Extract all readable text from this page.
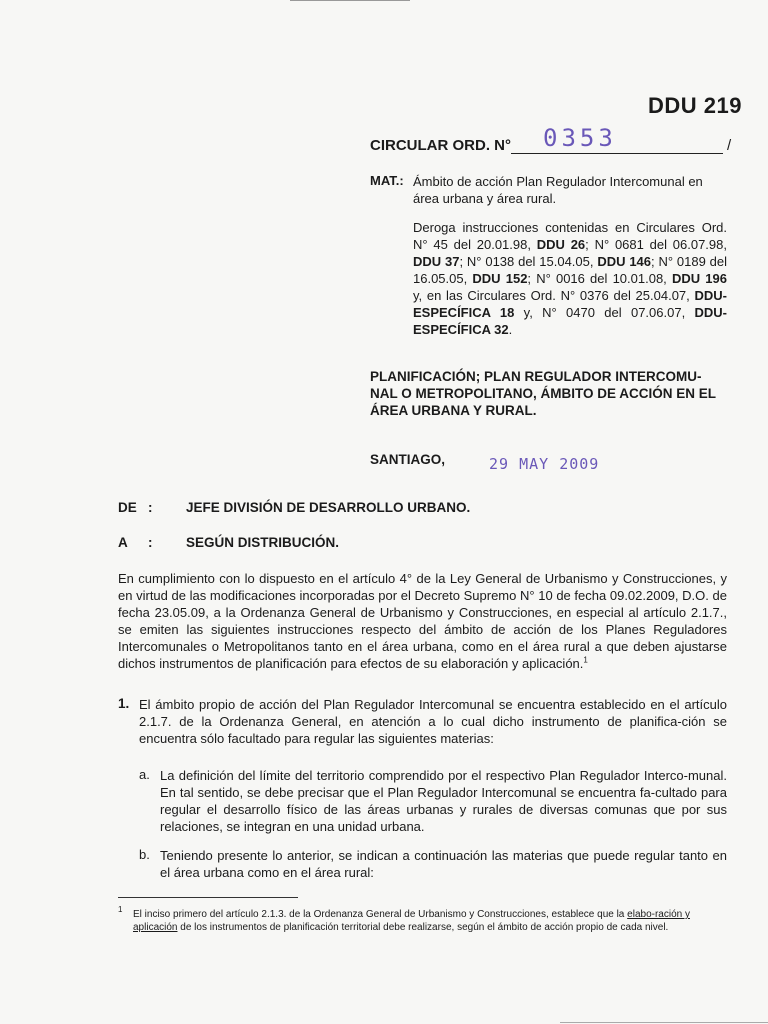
DDU 219
CIRCULAR ORD. N° 0353	/
MAT.: Ámbito de acción Plan Regulador Intercomunal en área urbana y área rural.
Deroga instrucciones contenidas en Circulares Ord. N° 45 del 20.01.98, DDU 26; N° 0681 del 06.07.98, DDU 37; N° 0138 del 15.04.05, DDU 146; N° 0189 del 16.05.05, DDU 152; N° 0016 del 10.01.08, DDU 196 y, en las Circulares Ord. N° 0376 del 25.04.07, DDU- ESPECÍFICA 18 y, N° 0470 del 07.06.07, DDU- ESPECÍFICA 32.
PLANIFICACIÓN; PLAN REGULADOR INTERCOMU-NAL O METROPOLITANO, ÁMBITO DE ACCIÓN EN EL ÁREA URBANA Y RURAL.
SANTIAGO,	29 MAY 2009
DE : JEFE DIVISIÓN DE DESARROLLO URBANO.
A : SEGÚN DISTRIBUCIÓN.
En cumplimiento con lo dispuesto en el artículo 4° de la Ley General de Urbanismo y Construcciones, y en virtud de las modificaciones incorporadas por el Decreto Supremo N° 10 de fecha 09.02.2009, D.O. de fecha 23.05.09, a la Ordenanza General de Urbanismo y Construcciones, en especial al artículo 2.1.7., se emiten las siguientes instrucciones respecto del ámbito de acción de los Planes Reguladores Intercomunales o Metropolitanos tanto en el área urbana, como en el área rural a que deben ajustarse dichos instrumentos de planificación para efectos de su elaboración y aplicación.$^1$
1. El ámbito propio de acción del Plan Regulador Intercomunal se encuentra establecido en el artículo 2.1.7. de la Ordenanza General, en atención a lo cual dicho instrumento de planifica-ción se encuentra sólo facultado para regular las siguientes materias:
a. La definición del límite del territorio comprendido por el respectivo Plan Regulador Interco-munal. En tal sentido, se debe precisar que el Plan Regulador Intercomunal se encuentra fa-cultado para regular el desarrollo físico de las áreas urbanas y rurales de diversas comunas que por sus relaciones, se integran en una unidad urbana.
b. Teniendo presente lo anterior, se indican a continuación las materias que puede regular tanto en el área urbana como en el área rural:
1 El inciso primero del artículo 2.1.3. de la Ordenanza General de Urbanismo y Construcciones, establece que la elabo-ración y aplicación de los instrumentos de planificación territorial debe realizarse, según el ámbito de acción propio de cada nivel.
